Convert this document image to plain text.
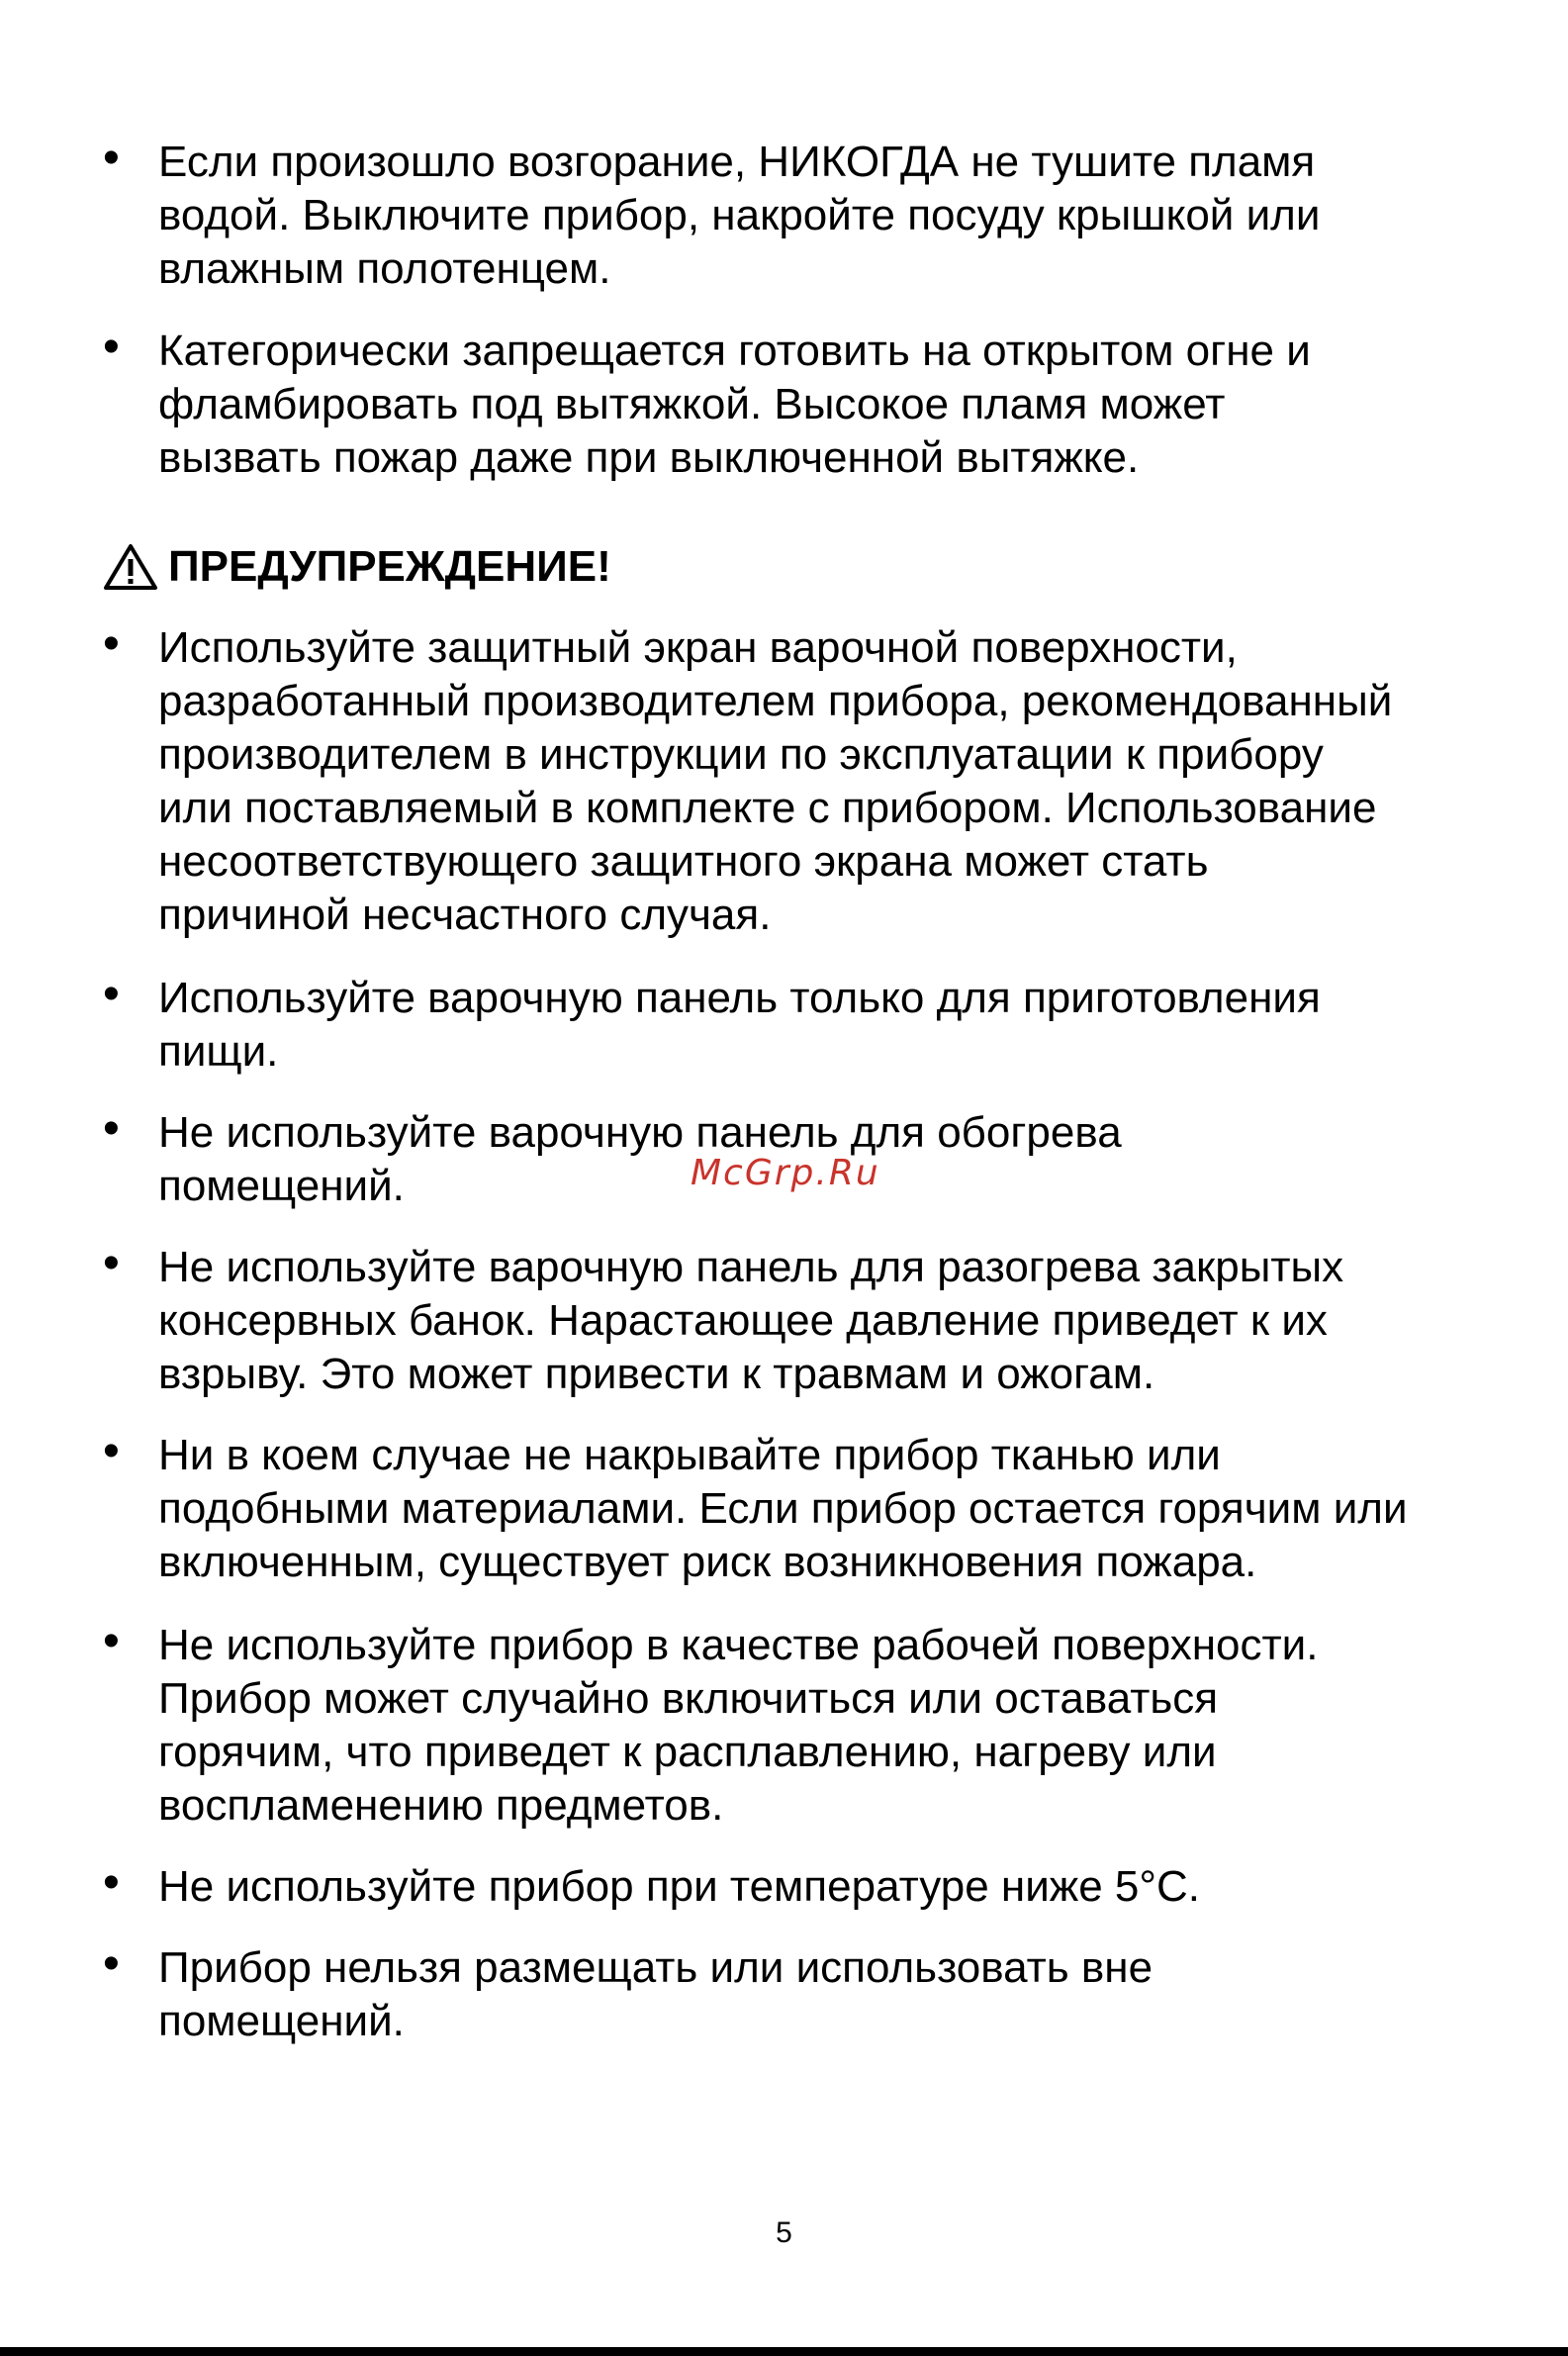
• Если произошло возгорание, НИКОГДА не тушите пламя
водой. Выключите прибор, накройте посуду крышкой или
влажным полотенцем.
• Категорически запрещается готовить на открытом огне и
фламбировать под вытяжкой. Высокое пламя может
вызвать пожар даже при выключенной вытяжке.
ПРЕДУПРЕЖДЕНИЕ!
• Используйте защитный экран варочной поверхности,
разработанный производителем прибора, рекомендованный
производителем в инструкции по эксплуатации к прибору
или поставляемый в комплекте с прибором. Использование
несоответствующего защитного экрана может стать
причиной несчастного случая.
• Используйте варочную панель только для приготовления
пищи.
• Не используйте варочную панель для обогрева
помещений.	McGrp.Ru
• Не используйте варочную панель для разогрева закрытых
консервных банок. Нарастающее давление приведет к их
взрыву. Это может привести к травмам и ожогам.
• Ни в коем случае не накрывайте прибор тканью или
подобными материалами. Если прибор остается горячим или
включенным, существует риск возникновения пожара.
• Не используйте прибор в качестве рабочей поверхности.
Прибор может случайно включиться или оставаться
горячим, что приведет к расплавлению, нагреву или
воспламенению предметов.
• Не используйте прибор при температуре ниже 5°C.
• Прибор нельзя размещать или использовать вне
помещений.
5
